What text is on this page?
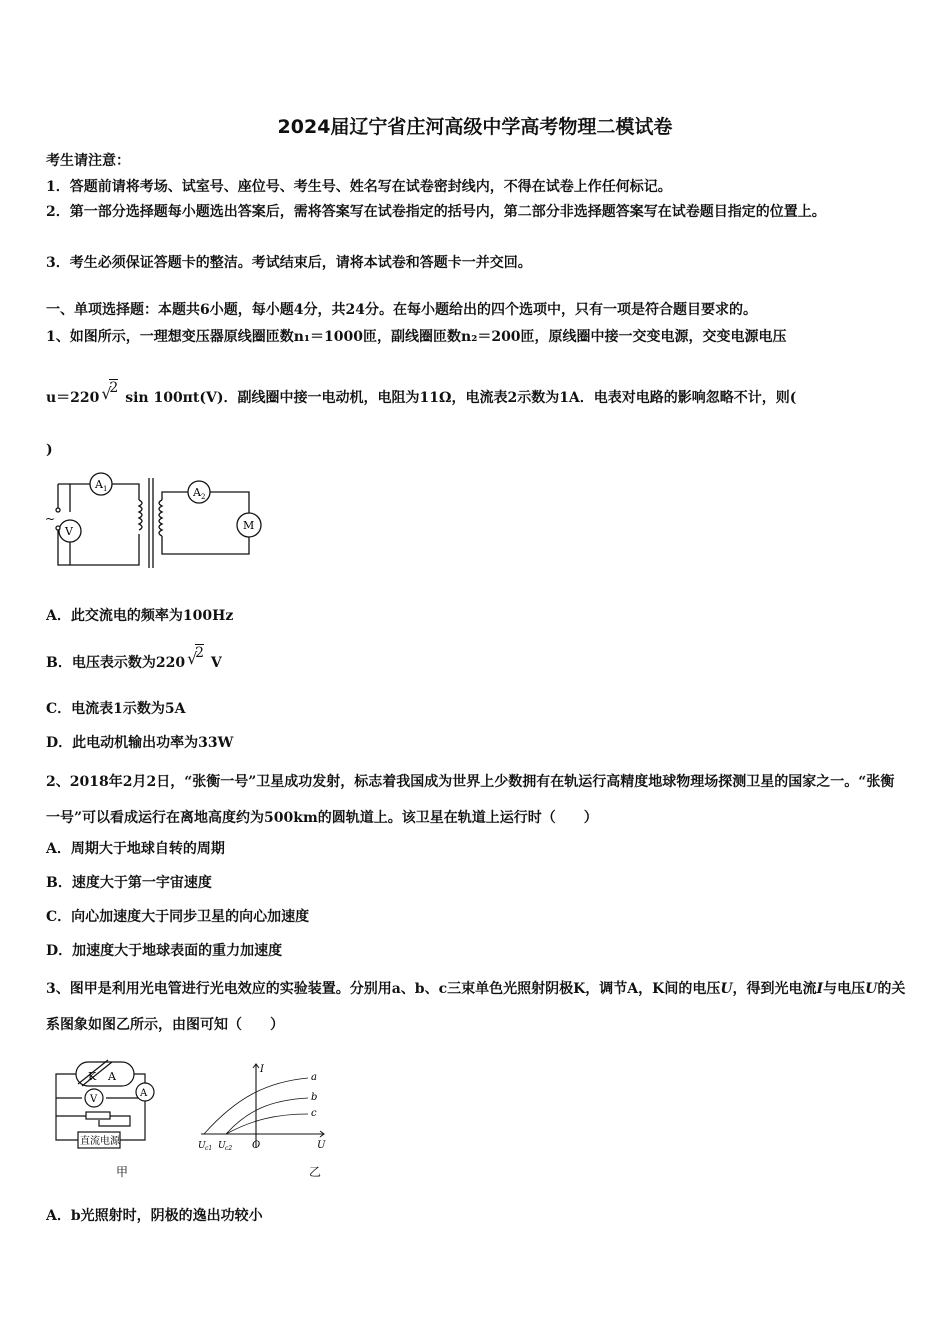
2024届辽宁省庄河高级中学高考物理二模试卷
考生请注意：
1．答题前请将考场、试室号、座位号、考生号、姓名写在试卷密封线内，不得在试卷上作任何标记。
2．第一部分选择题每小题选出答案后，需将答案写在试卷指定的括号内，第二部分非选择题答案写在试卷题目指定的位置上。
3．考生必须保证答题卡的整洁。考试结束后，请将本试卷和答题卡一并交回。
一、单项选择题：本题共6小题，每小题4分，共24分。在每小题给出的四个选项中，只有一项是符合题目要求的。
1、如图所示，一理想变压器原线圈匝数n₁＝1000匝，副线圈匝数n₂＝200匝，原线圈中接一交变电源，交变电源电压
u＝220 √
2 sin 100πt(V)．副线圈中接一电动机，电阻为11Ω，电流表2示数为1A．电表对电路的影响忽略不计，则(
)
~
A 1
V
A 2
M
A．此交流电的频率为100Hz
B．电压表示数为220 √
2 V
C．电流表1示数为5A
D．此电动机输出功率为33W
2、2018年2月2日，“张衡一号”卫星成功发射，标志着我国成为世界上少数拥有在轨运行高精度地球物理场探测卫星的国家之一。“张衡一号”可以看成运行在离地高度约为500km的圆轨道上。该卫星在轨道上运行时（　　）
A．周期大于地球自转的周期
B．速度大于第一宇宙速度
C．向心加速度大于同步卫星的向心加速度
D．加速度大于地球表面的重力加速度
3、图甲是利用光电管进行光电效应的实验装置。分别用a、b、c三束单色光照射阴极K，调节A，K间的电压U，得到光电流I与电压U的关系图象如图乙所示，由图可知（　　）
K A
A
V
直流电源
甲
I
U
O
U c1 U c2
a
b
c
乙
A．b光照射时，阴极的逸出功较小
